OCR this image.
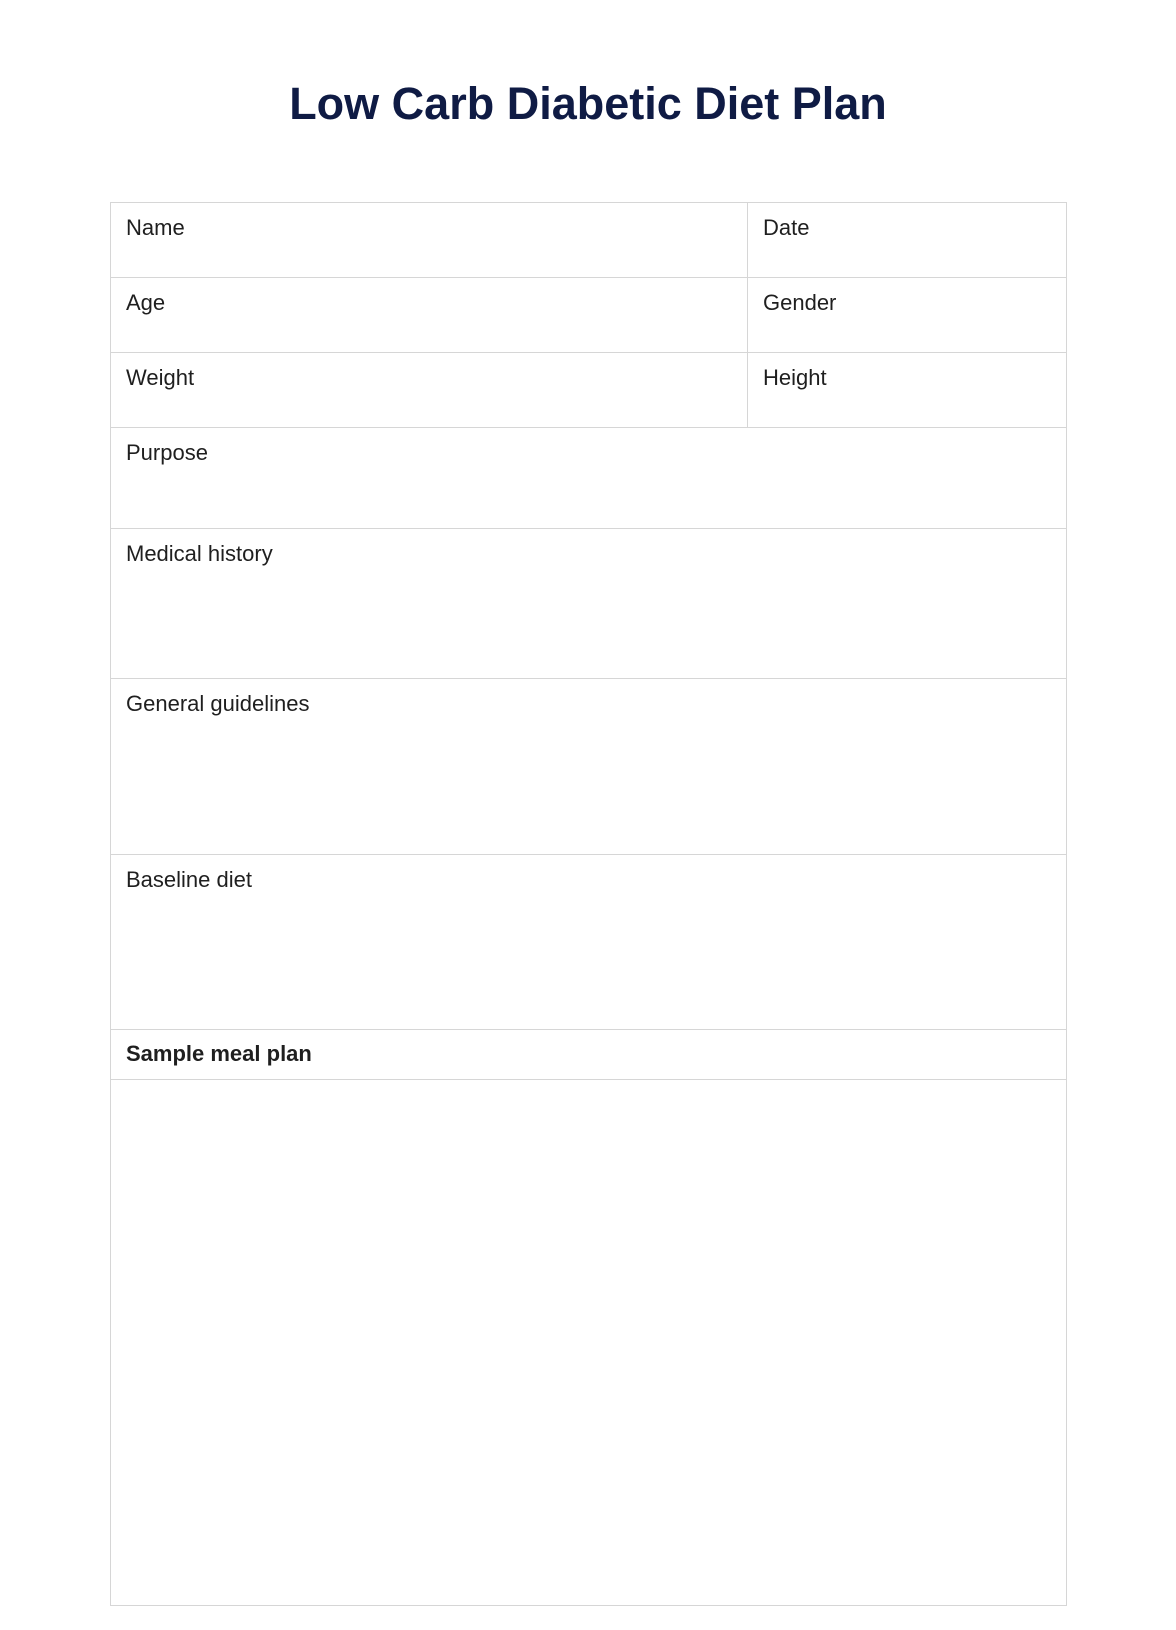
Low Carb Diabetic Diet Plan
Name	Date

Age	Gender

Weight	Height

Purpose	

Medical history	

General guidelines	

Baseline diet	

Sample meal plan	
